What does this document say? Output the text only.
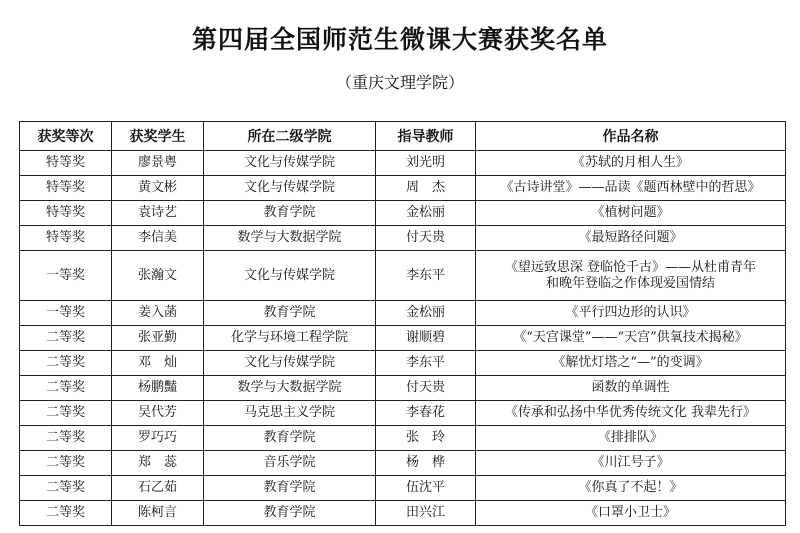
第四届全国师范生微课大赛获奖名单
（重庆文理学院）
获奖等次	获奖学生	所在二级学院	指导教师	作品名称
特等奖	廖景粤	文化与传媒学院	刘光明	《苏轼的月相人生》

特等奖	黄文彬	文化与传媒学院	周　杰	《古诗讲堂》——品读《题西林壁中的哲思》

特等奖	袁诗艺	教育学院	金松丽	《植树问题》

特等奖	李信美	数学与大数据学院	付天贵	《最短路径问题》

一等奖	张瀚文	文化与传媒学院	李东平	《望远致思深 登临怆千古》——从杜甫青年
和晚年登临之作体现爱国情结

一等奖	姜入菡	教育学院	金松丽	《平行四边形的认识》

二等奖	张亚勤	化学与环境工程学院	谢顺碧	《“天宫课堂”——“天宫”供氧技术揭秘》

二等奖	邓　灿	文化与传媒学院	李东平	《解忧灯塔之“—”的变调》

二等奖	杨鹏豔	数学与大数据学院	付天贵	函数的单调性

二等奖	吴代芳	马克思主义学院	李春花	《传承和弘扬中华优秀传统文化 我辈先行》

二等奖	罗巧巧	教育学院	张　玲	《排排队》

二等奖	郑　蕊	音乐学院	杨　桦	《川江号子》

二等奖	石乙茹	教育学院	伍沈平	《你真了不起！》

二等奖	陈柯言	教育学院	田兴江	《口罩小卫士》
